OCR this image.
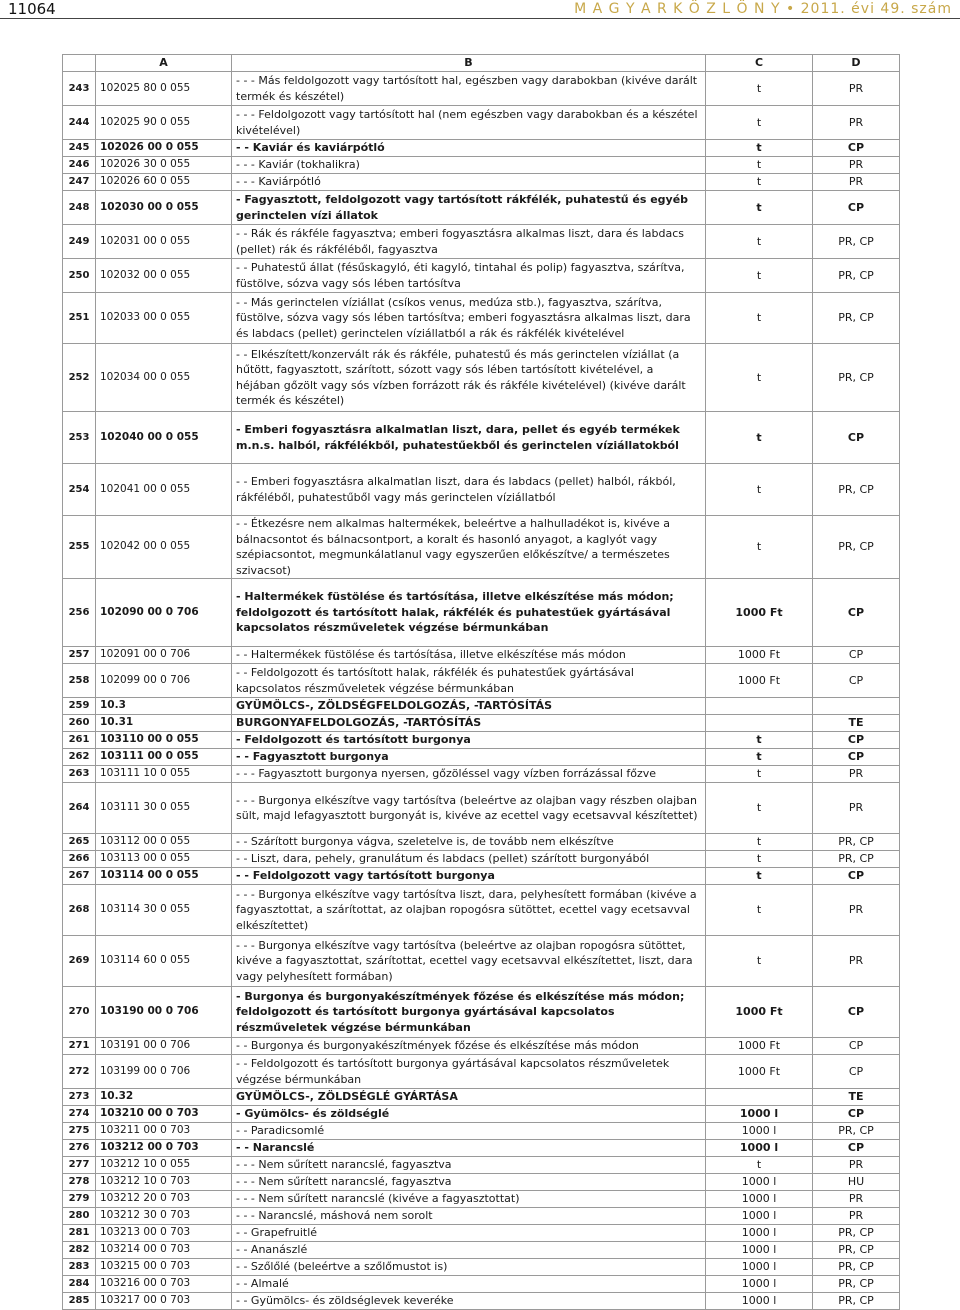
11064	M A G Y A R K Ö Z L Ö N Y • 2011. évi 49. szám
	A	B	C	D
243	102025 80 0 055	- - - Más feldolgozott vagy tartósított hal, egészben vagy darabokban (kivéve darált termék és készétel)	t	PR
244	102025 90 0 055	- - - Feldolgozott vagy tartósított hal (nem egészben vagy darabokban és a készétel kivételével)	t	PR
245	102026 00 0 055	- - Kaviár és kaviárpótló	t	CP
246	102026 30 0 055	- - - Kaviár (tokhalikra)	t	PR
247	102026 60 0 055	- - - Kaviárpótló	t	PR
248	102030 00 0 055	- Fagyasztott, feldolgozott vagy tartósított rákfélék, puhatestű és egyéb gerinctelen vízi állatok	t	CP
249	102031 00 0 055	- - Rák és rákféle fagyasztva; emberi fogyasztásra alkalmas liszt, dara és labdacs (pellet) rák és rákféléből, fagyasztva	t	PR, CP
250	102032 00 0 055	- - Puhatestű állat (fésűskagyló, éti kagyló, tintahal és polip) fagyasztva, szárítva, füstölve, sózva vagy sós lében tartósítva	t	PR, CP
251	102033 00 0 055	- - Más gerinctelen víziállat (csíkos venus, medúza stb.), fagyasztva, szárítva, füstölve, sózva vagy sós lében tartósítva; emberi fogyasztásra alkalmas liszt, dara és labdacs (pellet) gerinctelen víziállatból a rák és rákfélék kivételével	t	PR, CP
252	102034 00 0 055	- - Elkészített/konzervált rák és rákféle, puhatestű és más gerinctelen víziállat (a hűtött, fagyasztott, szárított, sózott vagy sós lében tartósított kivételével, a héjában gőzölt vagy sós vízben forrázott rák és rákféle kivételével) (kivéve darált termék és készétel)	t	PR, CP
253	102040 00 0 055	- Emberi fogyasztásra alkalmatlan liszt, dara, pellet és egyéb termékek m.n.s. halból, rákfélékből, puhatestűekből és gerinctelen víziállatokból	t	CP
254	102041 00 0 055	- - Emberi fogyasztásra alkalmatlan liszt, dara és labdacs (pellet) halból, rákból, rákféléből, puhatestűből vagy más gerinctelen víziállatból	t	PR, CP
255	102042 00 0 055	- - Étkezésre nem alkalmas haltermékek, beleértve a halhulladékot is, kivéve a bálnacsontot és bálnacsontport, a koralt és hasonló anyagot, a kaglyót vagy szépiacsontot, megmunkálatlanul vagy egyszerűen előkészítve/ a természetes szivacsot)	t	PR, CP
256	102090 00 0 706	- Haltermékek füstölése és tartósítása, illetve elkészítése más módon; feldolgozott és tartósított halak, rákfélék és puhatestűek gyártásával kapcsolatos részműveletek végzése bérmunkában	1000 Ft	CP
257	102091 00 0 706	- - Haltermékek füstölése és tartósítása, illetve elkészítése más módon	1000 Ft	CP
258	102099 00 0 706	- - Feldolgozott és tartósított halak, rákfélék és puhatestűek gyártásával kapcsolatos részműveletek végzése bérmunkában	1000 Ft	CP
259	10.3	GYÜMÖLCS-, ZÖLDSÉGFELDOLGOZÁS, -TARTÓSÍTÁS		
260	10.31	BURGONYAFELDOLGOZÁS, -TARTÓSÍTÁS		TE
261	103110 00 0 055	- Feldolgozott és tartósított burgonya	t	CP
262	103111 00 0 055	- - Fagyasztott burgonya	t	CP
263	103111 10 0 055	- - - Fagyasztott burgonya nyersen, gőzöléssel vagy vízben forrázással főzve	t	PR
264	103111 30 0 055	- - - Burgonya elkészítve vagy tartósítva (beleértve az olajban vagy részben olajban sült, majd lefagyasztott burgonyát is, kivéve az ecettel vagy ecetsavval készítettet)	t	PR
265	103112 00 0 055	- - Szárított burgonya vágva, szeletelve is, de tovább nem elkészítve	t	PR, CP
266	103113 00 0 055	- - Liszt, dara, pehely, granulátum és labdacs (pellet) szárított burgonyából	t	PR, CP
267	103114 00 0 055	- - Feldolgozott vagy tartósított burgonya	t	CP
268	103114 30 0 055	- - - Burgonya elkészítve vagy tartósítva liszt, dara, pelyhesített formában (kivéve a fagyasztottat, a szárítottat, az olajban ropogósra sütöttet, ecettel vagy ecetsavval elkészítettet)	t	PR
269	103114 60 0 055	- - - Burgonya elkészítve vagy tartósítva (beleértve az olajban ropogósra sütöttet, kivéve a fagyasztottat, szárítottat, ecettel vagy ecetsavval elkészítettet, liszt, dara vagy pelyhesített formában)	t	PR
270	103190 00 0 706	- Burgonya és burgonyakészítmények főzése és elkészítése más módon; feldolgozott és tartósított burgonya gyártásával kapcsolatos részműveletek végzése bérmunkában	1000 Ft	CP
271	103191 00 0 706	- - Burgonya és burgonyakészítmények főzése és elkészítése más módon	1000 Ft	CP
272	103199 00 0 706	- - Feldolgozott és tartósított burgonya gyártásával kapcsolatos részműveletek végzése bérmunkában	1000 Ft	CP
273	10.32	GYÜMÖLCS-, ZÖLDSÉGLÉ GYÁRTÁSA		TE
274	103210 00 0 703	- Gyümölcs- és zöldséglé	1000 l	CP
275	103211 00 0 703	- - Paradicsomlé	1000 l	PR, CP
276	103212 00 0 703	- - Narancslé	1000 l	CP
277	103212 10 0 055	- - - Nem sűrített narancslé, fagyasztva	t	PR
278	103212 10 0 703	- - - Nem sűrített narancslé, fagyasztva	1000 l	HU
279	103212 20 0 703	- - - Nem sűrített narancslé (kivéve a fagyasztottat)	1000 l	PR
280	103212 30 0 703	- - - Narancslé, máshová nem sorolt	1000 l	PR
281	103213 00 0 703	- - Grapefruitlé	1000 l	PR, CP
282	103214 00 0 703	- - Ananászlé	1000 l	PR, CP
283	103215 00 0 703	- - Szőlőlé (beleértve a szőlőmustot is)	1000 l	PR, CP
284	103216 00 0 703	- - Almalé	1000 l	PR, CP
285	103217 00 0 703	- - Gyümölcs- és zöldséglevek keveréke	1000 l	PR, CP
